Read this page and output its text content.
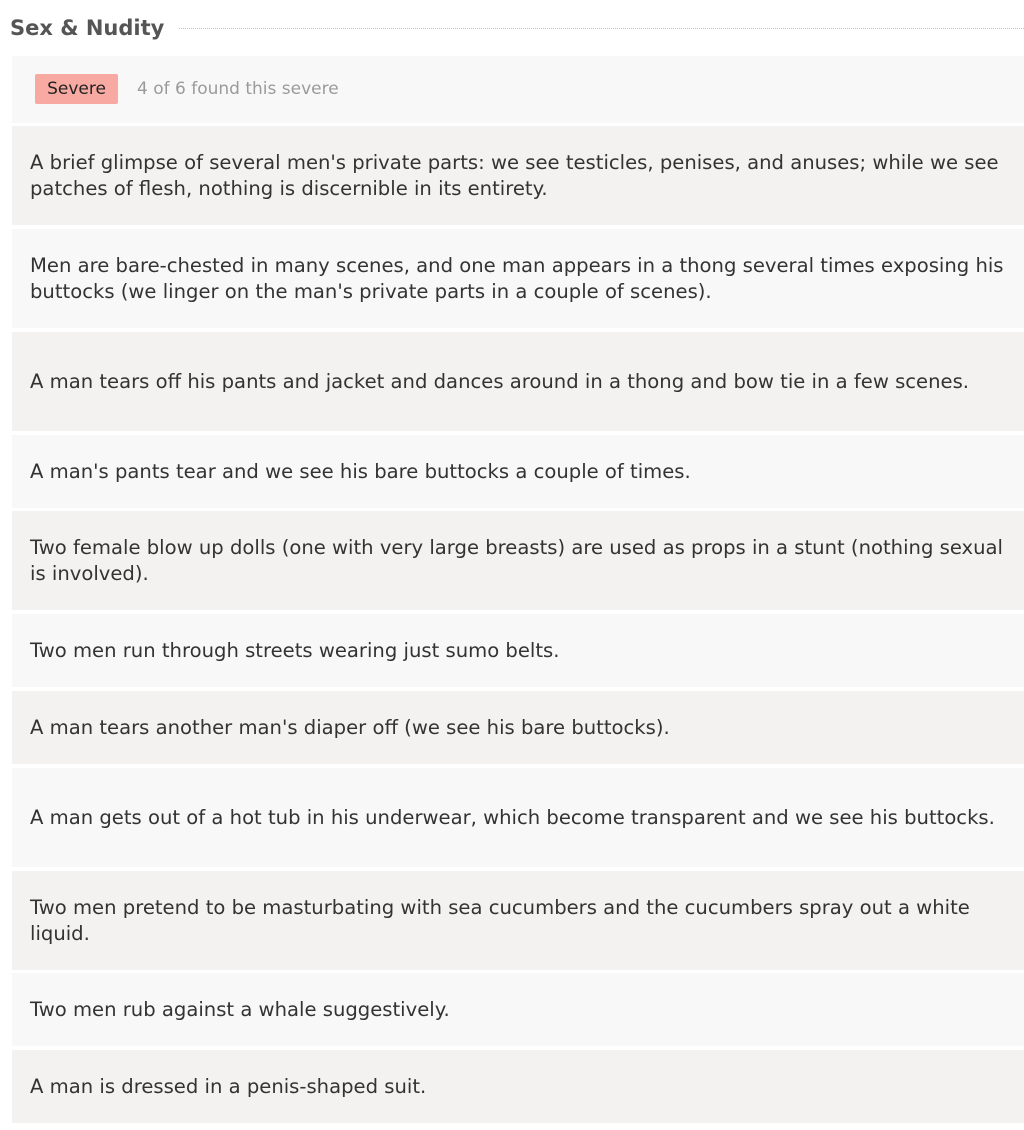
Sex & Nudity
Severe	4 of 6 found this severe
A brief glimpse of several men's private parts: we see testicles, penises, and anuses; while we see patches of flesh, nothing is discernible in its entirety.
Men are bare-chested in many scenes, and one man appears in a thong several times exposing his buttocks (we linger on the man's private parts in a couple of scenes).
A man tears off his pants and jacket and dances around in a thong and bow tie in a few scenes.
A man's pants tear and we see his bare buttocks a couple of times.
Two female blow up dolls (one with very large breasts) are used as props in a stunt (nothing sexual is involved).
Two men run through streets wearing just sumo belts.
A man tears another man's diaper off (we see his bare buttocks).
A man gets out of a hot tub in his underwear, which become transparent and we see his buttocks.
Two men pretend to be masturbating with sea cucumbers and the cucumbers spray out a white liquid.
Two men rub against a whale suggestively.
A man is dressed in a penis-shaped suit.
